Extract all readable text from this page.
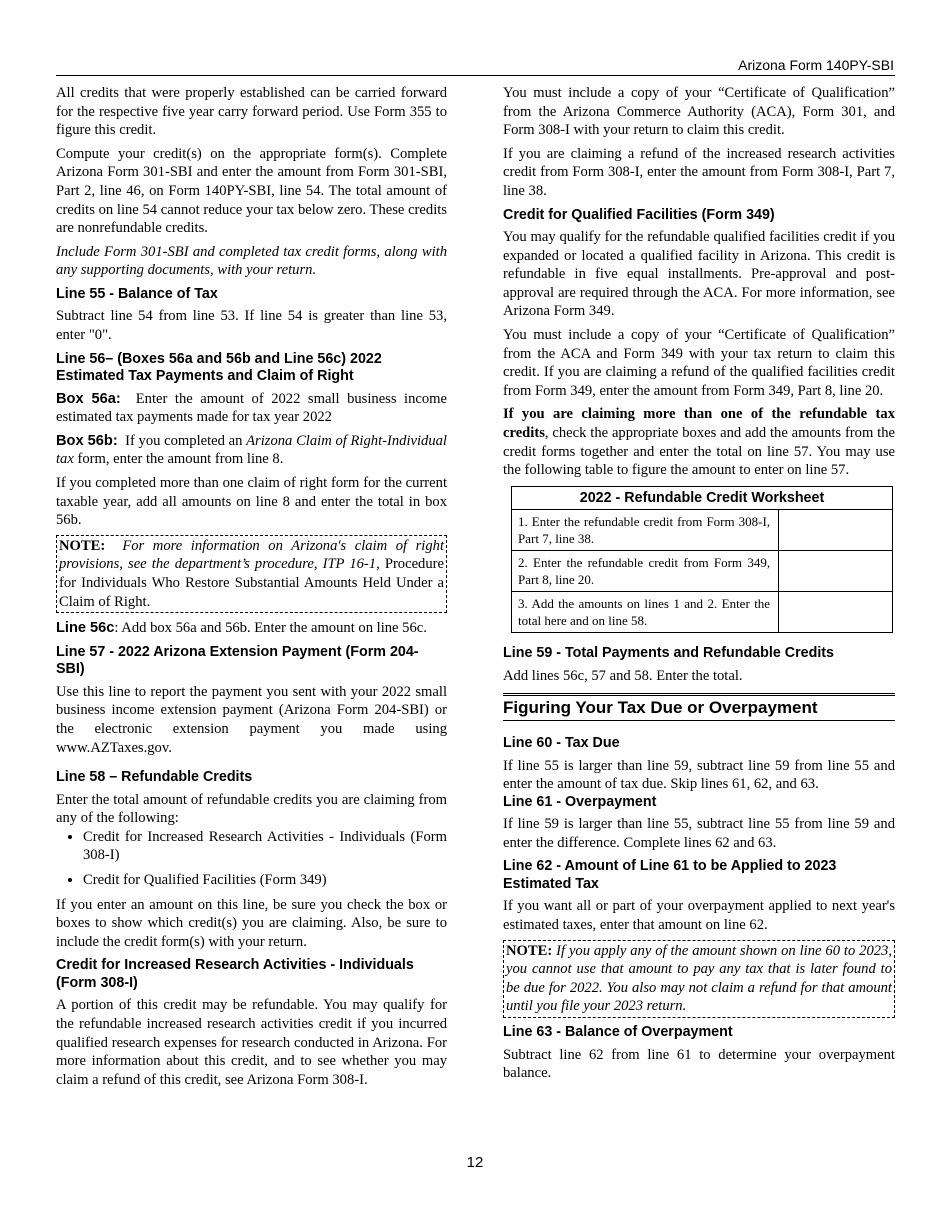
Arizona Form 140PY-SBI

All credits that were properly established can be carried forward for the respective five year carry forward period. Use Form 355 to figure this credit.

Compute your credit(s) on the appropriate form(s). Complete Arizona Form 301-SBI and enter the amount from Form 301-SBI, Part 2, line 46, on Form 140PY-SBI, line 54. The total amount of credits on line 54 cannot reduce your tax below zero. These credits are nonrefundable credits.

Include Form 301-SBI and completed tax credit forms, along with any supporting documents, with your return.

Line 55 - Balance of Tax

Subtract line 54 from line 53. If line 54 is greater than line 53, enter "0".

Line 56– (Boxes 56a and 56b and Line 56c) 2022 Estimated Tax Payments and Claim of Right

Box 56a: Enter the amount of 2022 small business income estimated tax payments made for tax year 2022

Box 56b: If you completed an Arizona Claim of Right-Individual tax form, enter the amount from line 8.

If you completed more than one claim of right form for the current taxable year, add all amounts on line 8 and enter the total in box 56b.

NOTE: For more information on Arizona's claim of right provisions, see the department’s procedure, ITP 16-1, Procedure for Individuals Who Restore Substantial Amounts Held Under a Claim of Right.

Line 56c: Add box 56a and 56b. Enter the amount on line 56c.

Line 57 - 2022 Arizona Extension Payment (Form 204-SBI)

Use this line to report the payment you sent with your 2022 small business income extension payment (Arizona Form 204-SBI) or the electronic extension payment you made using www.AZTaxes.gov.

Line 58 – Refundable Credits

Enter the total amount of refundable credits you are claiming from any of the following:

• Credit for Increased Research Activities - Individuals (Form 308-I)
• Credit for Qualified Facilities (Form 349)

If you enter an amount on this line, be sure you check the box or boxes to show which credit(s) you are claiming. Also, be sure to include the credit form(s) with your return.

Credit for Increased Research Activities - Individuals (Form 308-I)

A portion of this credit may be refundable. You may qualify for the refundable increased research activities credit if you incurred qualified research expenses for research conducted in Arizona. For more information about this credit, and to see whether you may claim a refund of this credit, see Arizona Form 308-I.

You must include a copy of your “Certificate of Qualification” from the Arizona Commerce Authority (ACA), Form 301, and Form 308-I with your return to claim this credit.

If you are claiming a refund of the increased research activities credit from Form 308-I, enter the amount from Form 308-I, Part 7, line 38.

Credit for Qualified Facilities (Form 349)

You may qualify for the refundable qualified facilities credit if you expanded or located a qualified facility in Arizona. This credit is refundable in five equal installments. Pre-approval and post-approval are required through the ACA. For more information, see Arizona Form 349.

You must include a copy of your “Certificate of Qualification” from the ACA and Form 349 with your tax return to claim this credit. If you are claiming a refund of the qualified facilities credit from Form 349, enter the amount from Form 349, Part 8, line 20.

If you are claiming more than one of the refundable tax credits, check the appropriate boxes and add the amounts from the credit forms together and enter the total on line 57. You may use the following table to figure the amount to enter on line 57.

2022 - Refundable Credit Worksheet	
1. Enter the refundable credit from Form 308-I, Part 7, line 38.	
2. Enter the refundable credit from Form 349, Part 8, line 20.	
3. Add the amounts on lines 1 and 2. Enter the total here and on line 58.	
Line 59 - Total Payments and Refundable Credits

Add lines 56c, 57 and 58. Enter the total.

Figuring Your Tax Due or Overpayment
Line 60 - Tax Due

If line 55 is larger than line 59, subtract line 59 from line 55 and enter the amount of tax due. Skip lines 61, 62, and 63.

Line 61 - Overpayment

If line 59 is larger than line 55, subtract line 55 from line 59 and enter the difference. Complete lines 62 and 63.

Line 62 - Amount of Line 61 to be Applied to 2023 Estimated Tax

If you want all or part of your overpayment applied to next year's estimated taxes, enter that amount on line 62.

NOTE: If you apply any of the amount shown on line 60 to 2023, you cannot use that amount to pay any tax that is later found to be due for 2022. You also may not claim a refund for that amount until you file your 2023 return.
Line 63 - Balance of Overpayment

Subtract line 62 from line 61 to determine your overpayment balance.

12
